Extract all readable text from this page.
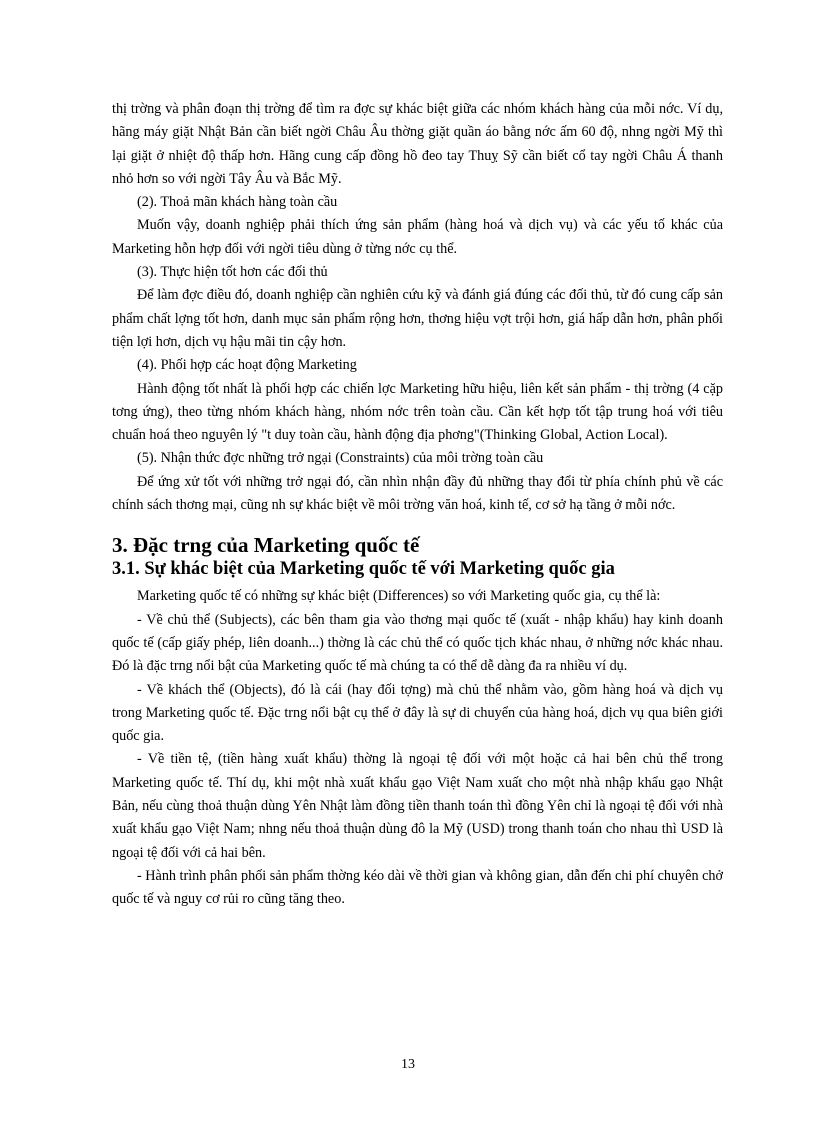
thị trờng và phân đoạn thị trờng để tìm ra đợc sự khác biệt giữa các nhóm khách hàng của mỗi nớc. Ví dụ, hãng máy giặt Nhật Bản cần biết ngời Châu Âu thờng giặt quần áo bằng nớc ấm 60 độ, nhng ngời Mỹ thì lại giặt ở nhiệt độ thấp hơn. Hãng cung cấp đồng hồ đeo tay Thuỵ Sỹ cần biết cổ tay ngời Châu Á thanh nhỏ hơn so với ngời Tây Âu và Bắc Mỹ.

(2). Thoả mãn khách hàng toàn cầu

Muốn vậy, doanh nghiệp phải thích ứng sản phẩm (hàng hoá và dịch vụ) và các yếu tố khác của Marketing hỗn hợp đối với ngời tiêu dùng ở từng nớc cụ thể.

(3). Thực hiện tốt hơn các đối thủ

Để làm đợc điều đó, doanh nghiệp cần nghiên cứu kỹ và đánh giá đúng các đối thủ, từ đó cung cấp sản phẩm chất lợng tốt hơn, danh mục sản phẩm rộng hơn, thơng hiệu vợt trội hơn, giá hấp dẫn hơn, phân phối tiện lợi hơn, dịch vụ hậu mãi tin cậy hơn.

(4). Phối hợp các hoạt động Marketing

Hành động tốt nhất là phối hợp các chiến lợc Marketing hữu hiệu, liên kết sản phẩm - thị trờng (4 cặp tơng ứng), theo từng nhóm khách hàng, nhóm nớc trên toàn cầu. Cần kết hợp tốt tập trung hoá với tiêu chuẩn hoá theo nguyên lý "t duy toàn cầu, hành động địa phơng"(Thinking Global, Action Local).

(5). Nhận thức đợc những trở ngại (Constraints) của môi trờng toàn cầu

Để ứng xử tốt với những trở ngại đó, cần nhìn nhận đầy đủ những thay đổi từ phía chính phủ về các chính sách thơng mại, cũng nh sự khác biệt về môi trờng văn hoá, kinh tế, cơ sở hạ tầng ở mỗi nớc.

3. Đặc trng của Marketing quốc tế
3.1. Sự khác biệt của Marketing quốc tế với Marketing quốc gia

Marketing quốc tế có những sự khác biệt (Differences) so với Marketing quốc gia, cụ thể là:

- Về chủ thể (Subjects), các bên tham gia vào thơng mại quốc tế (xuất - nhập khẩu) hay kinh doanh quốc tế (cấp giấy phép, liên doanh...) thờng là các chủ thể có quốc tịch khác nhau, ở những nớc khác nhau. Đó là đặc trng nổi bật của Marketing quốc tế mà chúng ta có thể dễ dàng đa ra nhiều ví dụ.

- Về khách thể (Objects), đó là cái (hay đối tợng) mà chủ thể nhằm vào, gồm hàng hoá và dịch vụ trong Marketing quốc tế. Đặc trng nổi bật cụ thể ở đây là sự di chuyển của hàng hoá, dịch vụ qua biên giới quốc gia.

- Về tiền tệ, (tiền hàng xuất khẩu) thờng là ngoại tệ đối với một hoặc cả hai bên chủ thể trong Marketing quốc tế. Thí dụ, khi một nhà xuất khẩu gạo Việt Nam xuất cho một nhà nhập khẩu gạo Nhật Bản, nếu cùng thoả thuận dùng Yên Nhật làm đồng tiền thanh toán thì đồng Yên chỉ là ngoại tệ đối với nhà xuất khẩu gạo Việt Nam; nhng nếu thoả thuận dùng đô la Mỹ (USD) trong thanh toán cho nhau thì USD là ngoại tệ đối với cả hai bên.

- Hành trình phân phối sản phẩm thờng kéo dài về thời gian và không gian, dẫn đến chi phí chuyên chở quốc tế và nguy cơ rủi ro cũng tăng theo.

13
